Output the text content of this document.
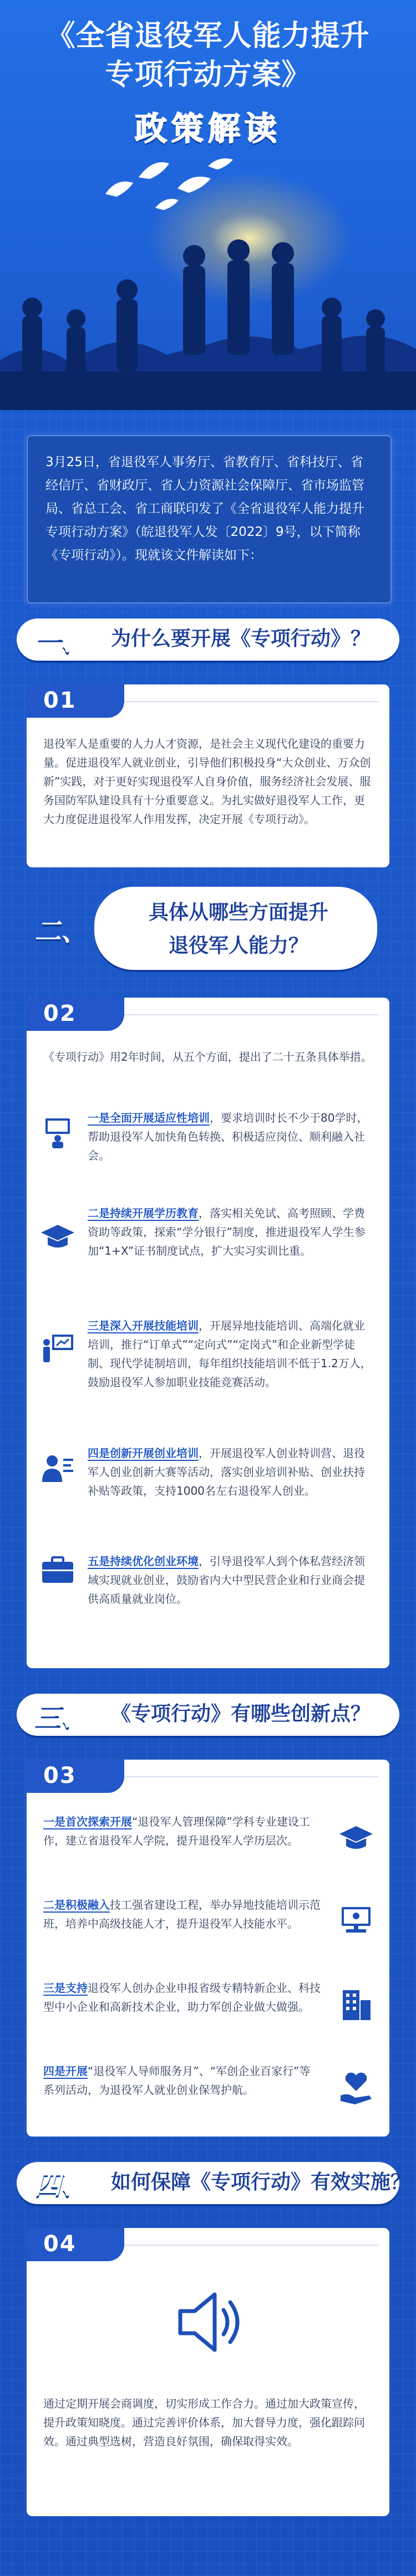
《全省退役军人能力提升
专项行动方案》
政策解读

3月25日，省退役军人事务厅、省教育厅、省科技厅、省经信厅、省财政厅、省人力资源社会保障厅、省市场监管局、省总工会、省工商联印发了《全省退役军人能力提升专项行动方案》（皖退役军人发〔2022〕9号，以下简称《专项行动》）。现就该文件解读如下：

一、	为什么要开展《专项行动》？
01
退役军人是重要的人力人才资源，是社会主义现代化建设的重要力量。促进退役军人就业创业，引导他们积极投身“大众创业、万众创新”实践，对于更好实现退役军人自身价值，服务经济社会发展、服务国防军队建设具有十分重要意义。为扎实做好退役军人工作，更大力度促进退役军人作用发挥，决定开展《专项行动》。
二、
具体从哪些方面提升
退役军人能力？
02
《专项行动》用2年时间，从五个方面，提出了二十五条具体举措。
一是全面开展适应性培训，要求培训时长不少于80学时，帮助退役军人加快角色转换、积极适应岗位、顺利融入社会。
二是持续开展学历教育，落实相关免试、高考照顾、学费资助等政策，探索“学分银行”制度，推进退役军人学生参加“1+X”证书制度试点，扩大实习实训比重。
三是深入开展技能培训，开展异地技能培训、高端化就业培训，推行“订单式”“定向式”“定岗式”和企业新型学徒制、现代学徒制培训，每年组织技能培训不低于1.2万人，鼓励退役军人参加职业技能竞赛活动。
四是创新开展创业培训，开展退役军人创业特训营、退役军人创业创新大赛等活动，落实创业培训补贴、创业扶持补贴等政策，支持1000名左右退役军人创业。
五是持续优化创业环境，引导退役军人到个体私营经济领域实现就业创业，鼓励省内大中型民营企业和行业商会提供高质量就业岗位。
三、	《专项行动》有哪些创新点？
03
一是首次探索开展“退役军人管理保障”学科专业建设工作，建立省退役军人学院，提升退役军人学历层次。
二是积极融入技工强省建设工程，举办异地技能培训示范班，培养中高级技能人才，提升退役军人技能水平。
三是支持退役军人创办企业申报省级专精特新企业、科技型中小企业和高新技术企业，助力军创企业做大做强。
四是开展“退役军人导师服务月”、“军创企业百家行”等系列活动，为退役军人就业创业保驾护航。
四、	如何保障《专项行动》有效实施？
04
通过定期开展会商调度，切实形成工作合力。通过加大政策宣传，提升政策知晓度。通过完善评价体系，加大督导力度，强化跟踪问效。通过典型选树，营造良好氛围，确保取得实效。
